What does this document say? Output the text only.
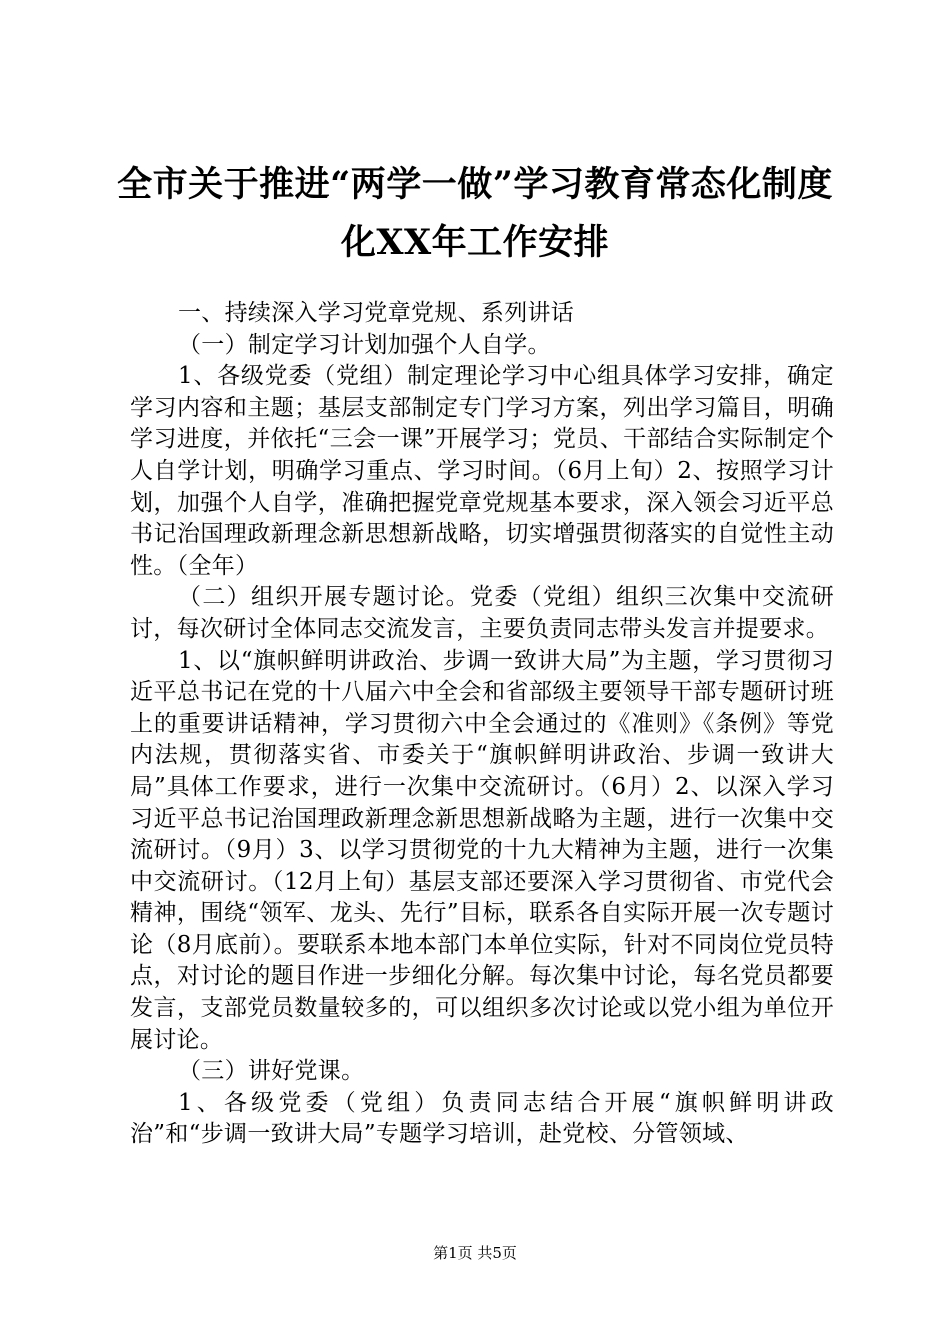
全市关于推进“两学一做”学习教育常态化制度化XX年工作安排

一、持续深入学习党章党规、系列讲话

（一）制定学习计划加强个人自学。

1、各级党委（党组）制定理论学习中心组具体学习安排，确定学习内容和主题；基层支部制定专门学习方案，列出学习篇目，明确学习进度，并依托“三会一课”开展学习；党员、干部结合实际制定个人自学计划，明确学习重点、学习时间。（6月上旬）2、按照学习计划，加强个人自学，准确把握党章党规基本要求，深入领会习近平总书记治国理政新理念新思想新战略，切实增强贯彻落实的自觉性主动性。（全年）

（二）组织开展专题讨论。党委（党组）组织三次集中交流研讨，每次研讨全体同志交流发言，主要负责同志带头发言并提要求。

1、以“旗帜鲜明讲政治、步调一致讲大局”为主题，学习贯彻习近平总书记在党的十八届六中全会和省部级主要领导干部专题研讨班上的重要讲话精神，学习贯彻六中全会通过的《准则》《条例》等党内法规，贯彻落实省、市委关于“旗帜鲜明讲政治、步调一致讲大局”具体工作要求，进行一次集中交流研讨。（6月）2、以深入学习习近平总书记治国理政新理念新思想新战略为主题，进行一次集中交流研讨。（9月）3、以学习贯彻党的十九大精神为主题，进行一次集中交流研讨。（12月上旬）基层支部还要深入学习贯彻省、市党代会精神，围绕“领军、龙头、先行”目标，联系各自实际开展一次专题讨论（8月底前）。要联系本地本部门本单位实际，针对不同岗位党员特点，对讨论的题目作进一步细化分解。每次集中讨论，每名党员都要发言，支部党员数量较多的，可以组织多次讨论或以党小组为单位开展讨论。

（三）讲好党课。

1、各级党委（党组）负责同志结合开展“旗帜鲜明讲政治”和“步调一致讲大局”专题学习培训，赴党校、分管领域、

第1页 共5页
